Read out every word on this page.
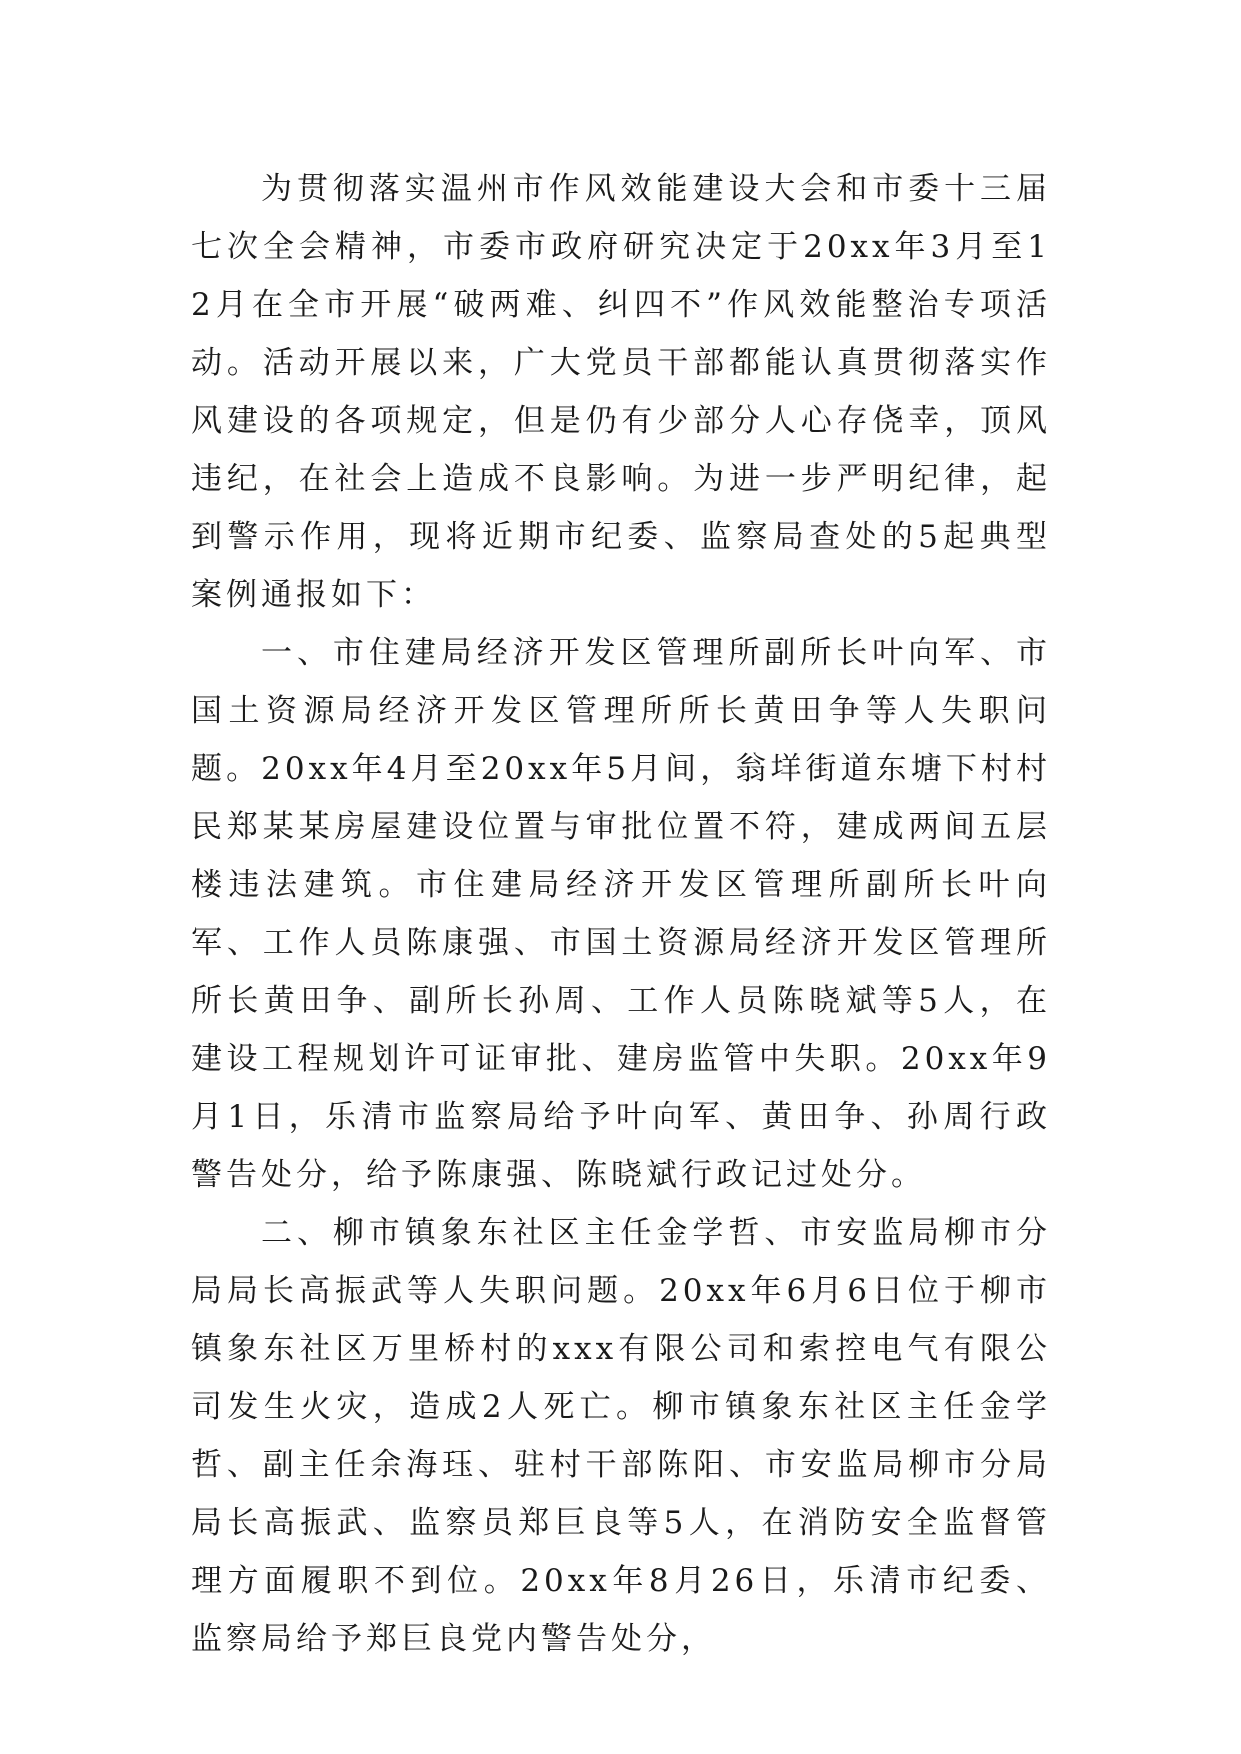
为贯彻落实温州市作风效能建设大会和市委十三届七次全会精神，市委市政府研究决定于20xx年3月至12月在全市开展“破两难、纠四不”作风效能整治专项活动。活动开展以来，广大党员干部都能认真贯彻落实作风建设的各项规定，但是仍有少部分人心存侥幸，顶风违纪，在社会上造成不良影响。为进一步严明纪律，起到警示作用，现将近期市纪委、监察局查处的5起典型案例通报如下：

一、市住建局经济开发区管理所副所长叶向军、市国土资源局经济开发区管理所所长黄田争等人失职问题。20xx年4月至20xx年5月间，翁垟街道东塘下村村民郑某某房屋建设位置与审批位置不符，建成两间五层楼违法建筑。市住建局经济开发区管理所副所长叶向军、工作人员陈康强、市国土资源局经济开发区管理所所长黄田争、副所长孙周、工作人员陈晓斌等5人，在建设工程规划许可证审批、建房监管中失职。20xx年9月1日，乐清市监察局给予叶向军、黄田争、孙周行政警告处分，给予陈康强、陈晓斌行政记过处分。

二、柳市镇象东社区主任金学哲、市安监局柳市分局局长高振武等人失职问题。20xx年6月6日位于柳市镇象东社区万里桥村的xxx有限公司和索控电气有限公司发生火灾，造成2人死亡。柳市镇象东社区主任金学哲、副主任余海珏、驻村干部陈阳、市安监局柳市分局局长高振武、监察员郑巨良等5人，在消防安全监督管理方面履职不到位。20xx年8月26日，乐清市纪委、监察局给予郑巨良党内警告处分，
